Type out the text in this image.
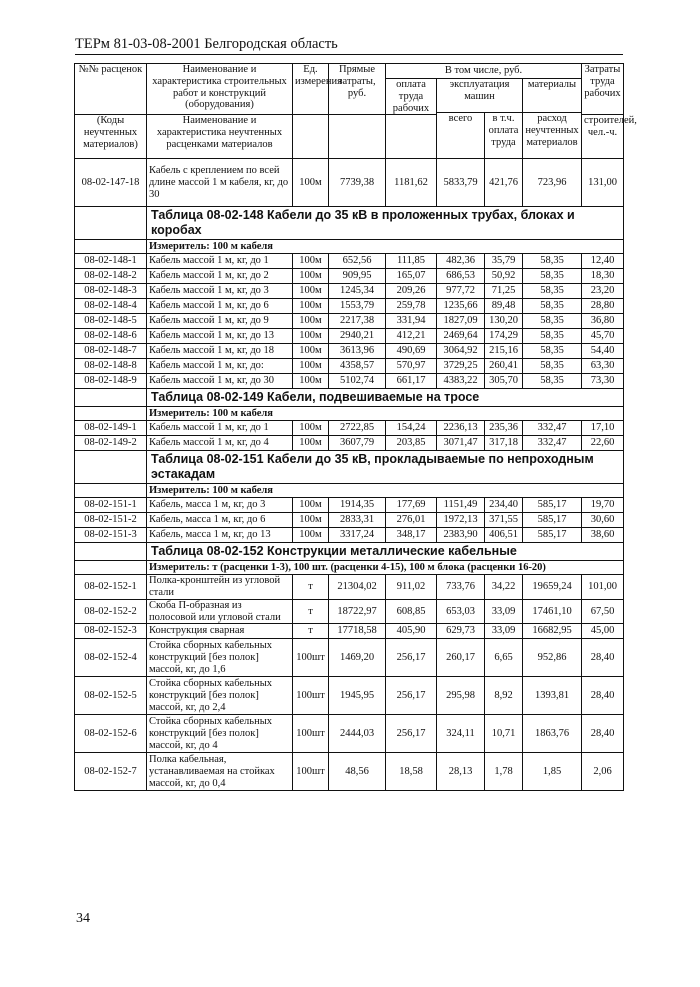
ТЕРм 81-03-08-2001 Белгородская область
№№ расценок	Наименование и характеристика строительных работ и конструкций (оборудования)	Ед. измерения	Прямые затраты, руб.	В том числе, руб.				Затраты труда рабочих
				оплата труда рабочих	эксплуатация машин		материалы	
					всего	в т.ч. оплата труда	расход неучтенных материалов	
(Коды неучтенных материалов)	Наименование и характеристика неучтенных расценками материалов							строителей, чел.-ч.
08-02-147-18	Кабель с креплением по всей длине массой 1 м кабеля, кг, до 30	100м	7739,38	1181,62	5833,79	421,76	723,96	131,00
	Таблица 08-02-148 Кабели до 35 кВ в проложенных трубах, блоках и коробах							
	Измеритель: 100 м кабеля							
08-02-148-1	Кабель массой 1 м, кг, до 1	100м	652,56	111,85	482,36	35,79	58,35	12,40
08-02-148-2	Кабель массой 1 м, кг, до 2	100м	909,95	165,07	686,53	50,92	58,35	18,30
08-02-148-3	Кабель массой 1 м, кг, до 3	100м	1245,34	209,26	977,72	71,25	58,35	23,20
08-02-148-4	Кабель массой 1 м, кг, до 6	100м	1553,79	259,78	1235,66	89,48	58,35	28,80
08-02-148-5	Кабель массой 1 м, кг, до 9	100м	2217,38	331,94	1827,09	130,20	58,35	36,80
08-02-148-6	Кабель массой 1 м, кг, до 13	100м	2940,21	412,21	2469,64	174,29	58,35	45,70
08-02-148-7	Кабель массой 1 м, кг, до 18	100м	3613,96	490,69	3064,92	215,16	58,35	54,40
08-02-148-8	Кабель массой 1 м, кг, до:	100м	4358,57	570,97	3729,25	260,41	58,35	63,30
08-02-148-9	Кабель массой 1 м, кг, до 30	100м	5102,74	661,17	4383,22	305,70	58,35	73,30
	Таблица 08-02-149 Кабели, подвешиваемые на тросе							
	Измеритель: 100 м кабеля							
08-02-149-1	Кабель массой 1 м, кг, до 1	100м	2722,85	154,24	2236,13	235,36	332,47	17,10
08-02-149-2	Кабель массой 1 м, кг, до 4	100м	3607,79	203,85	3071,47	317,18	332,47	22,60
	Таблица 08-02-151 Кабели до 35 кВ, прокладываемые по непроходным эстакадам							
	Измеритель: 100 м кабеля							
08-02-151-1	Кабель, масса 1 м, кг, до 3	100м	1914,35	177,69	1151,49	234,40	585,17	19,70
08-02-151-2	Кабель, масса 1 м, кг, до 6	100м	2833,31	276,01	1972,13	371,55	585,17	30,60
08-02-151-3	Кабель, масса 1 м, кг, до 13	100м	3317,24	348,17	2383,90	406,51	585,17	38,60
	Таблица 08-02-152 Конструкции металлические кабельные							
	Измеритель: т (расценки 1-3), 100 шт. (расценки 4-15), 100 м блока (расценки 16-20)							
08-02-152-1	Полка-кронштейн из угловой стали	т	21304,02	911,02	733,76	34,22	19659,24	101,00
08-02-152-2	Скоба П-образная из полосовой или угловой стали	т	18722,97	608,85	653,03	33,09	17461,10	67,50
08-02-152-3	Конструкция сварная	т	17718,58	405,90	629,73	33,09	16682,95	45,00
08-02-152-4	Стойка сборных кабельных конструкций [без полок] массой, кг, до 1,6	100шт	1469,20	256,17	260,17	6,65	952,86	28,40
08-02-152-5	Стойка сборных кабельных конструкций [без полок] массой, кг, до 2,4	100шт	1945,95	256,17	295,98	8,92	1393,81	28,40
08-02-152-6	Стойка сборных кабельных конструкций [без полок] массой, кг, до 4	100шт	2444,03	256,17	324,11	10,71	1863,76	28,40
08-02-152-7	Полка кабельная, устанавливаемая на стойках массой, кг, до 0,4	100шт	48,56	18,58	28,13	1,78	1,85	2,06
34
